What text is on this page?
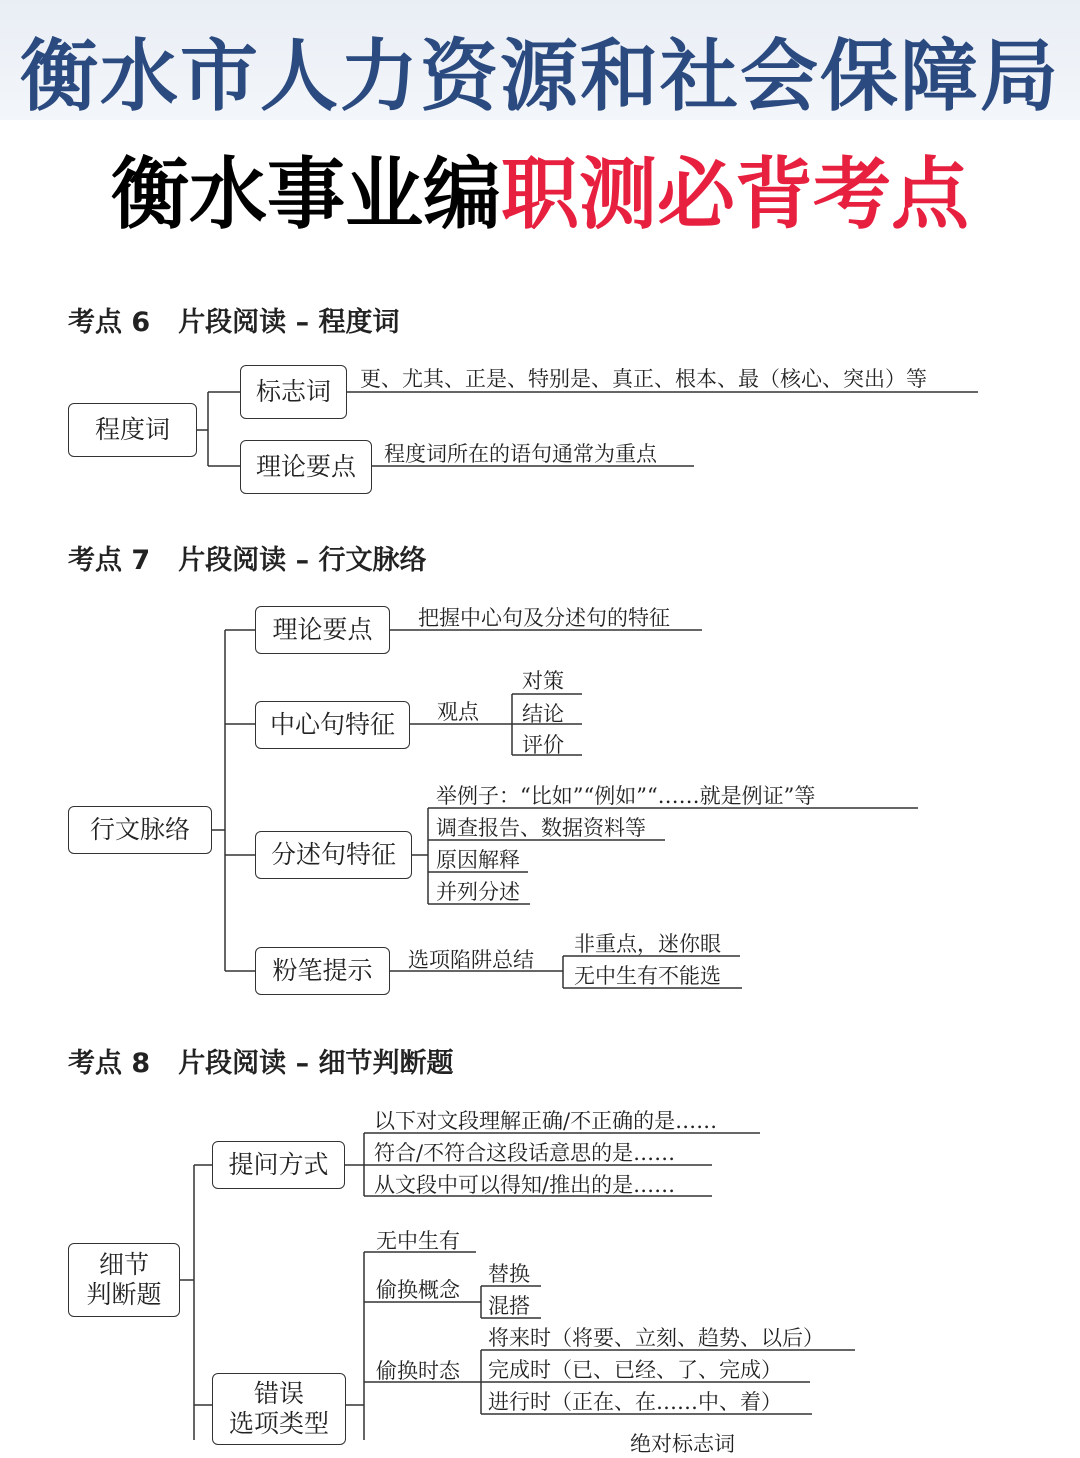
衡水市人力资源和社会保障局
衡水事业编职测必背考点
考点 6 片段阅读 – 程度词
程度词
标志词	更、尤其、正是、特别是、真正、根本、最（核心、突出）等
理论要点	程度词所在的语句通常为重点
考点 7 片段阅读 – 行文脉络
行文脉络
理论要点	把握中心句及分述句的特征
中心句特征	观点
对策
结论
评价
分述句特征
举例子：“比如”“例如”“……就是例证”等
调查报告、数据资料等
原因解释
并列分述
粉笔提示	选项陷阱总结
非重点，迷你眼
无中生有不能选
考点 8 片段阅读 – 细节判断题
细节
判断题
提问方式
以下对文段理解正确/不正确的是……
符合/不符合这段话意思的是……
从文段中可以得知/推出的是……
错误
选项类型
无中生有
偷换概念
替换
混搭
偷换时态
将来时（将要、立刻、趋势、以后）
完成时（已、已经、了、完成）
进行时（正在、在……中、着）
绝对标志词
